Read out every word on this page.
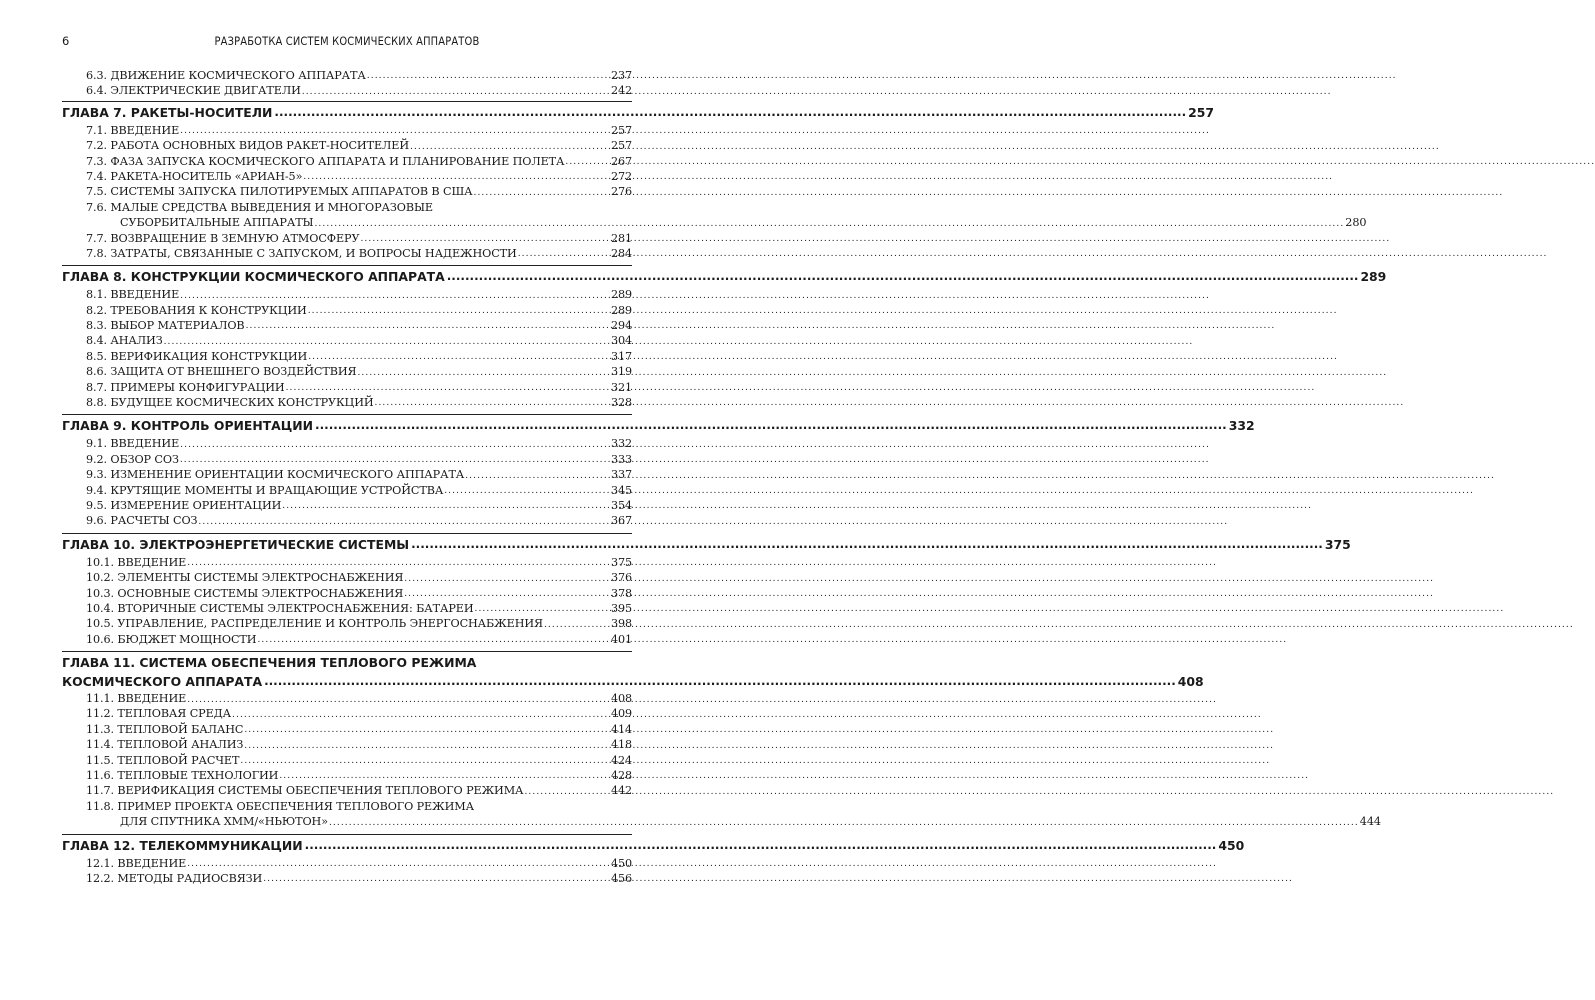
6	РАЗРАБОТКА СИСТЕМ КОСМИЧЕСКИХ АППАРАТОВ
6.3. ДВИЖЕНИЕ КОСМИЧЕСКОГО АППАРАТА .....	237
6.4. ЭЛЕКТРИЧЕСКИЕ ДВИГАТЕЛИ .....	242
ГЛАВА 7. РАКЕТЫ-НОСИТЕЛИ .....	257
7.1. ВВЕДЕНИЕ .....	257
7.2. РАБОТА ОСНОВНЫХ ВИДОВ РАКЕТ-НОСИТЕЛЕЙ .....	257
7.3. ФАЗА ЗАПУСКА КОСМИЧЕСКОГО АППАРАТА И ПЛАНИРОВАНИЕ ПОЛЕТА .....	267
7.4. РАКЕТА-НОСИТЕЛЬ «АРИАН-5» .....	272
7.5. СИСТЕМЫ ЗАПУСКА ПИЛОТИРУЕМЫХ АППАРАТОВ В США .....	276
7.6. МАЛЫЕ СРЕДСТВА ВЫВЕДЕНИЯ И МНОГОРАЗОВЫЕ
СУБОРБИТАЛЬНЫЕ АППАРАТЫ .....	280
7.7. ВОЗВРАЩЕНИЕ В ЗЕМНУЮ АТМОСФЕРУ .....	281
7.8. ЗАТРАТЫ, СВЯЗАННЫЕ С ЗАПУСКОМ, И ВОПРОСЫ НАДЕЖНОСТИ .....	284
ГЛАВА 8. КОНСТРУКЦИИ КОСМИЧЕСКОГО АППАРАТА .....	289
8.1. ВВЕДЕНИЕ .....	289
8.2. ТРЕБОВАНИЯ К КОНСТРУКЦИИ .....	289
8.3. ВЫБОР МАТЕРИАЛОВ .....	294
8.4. АНАЛИЗ .....	304
8.5. ВЕРИФИКАЦИЯ КОНСТРУКЦИИ .....	317
8.6. ЗАЩИТА ОТ ВНЕШНЕГО ВОЗДЕЙСТВИЯ .....	319
8.7. ПРИМЕРЫ КОНФИГУРАЦИИ .....	321
8.8. БУДУЩЕЕ КОСМИЧЕСКИХ КОНСТРУКЦИЙ .....	328
ГЛАВА 9. КОНТРОЛЬ ОРИЕНТАЦИИ .....	332
9.1. ВВЕДЕНИЕ .....	332
9.2. ОБЗОР СОЗ .....	333
9.3. ИЗМЕНЕНИЕ ОРИЕНТАЦИИ КОСМИЧЕСКОГО АППАРАТА .....	337
9.4. КРУТЯЩИЕ МОМЕНТЫ И ВРАЩАЮЩИЕ УСТРОЙСТВА .....	345
9.5. ИЗМЕРЕНИЕ ОРИЕНТАЦИИ .....	354
9.6. РАСЧЕТЫ СОЗ .....	367
ГЛАВА 10. ЭЛЕКТРОЭНЕРГЕТИЧЕСКИЕ СИСТЕМЫ .....	375
10.1. ВВЕДЕНИЕ .....	375
10.2. ЭЛЕМЕНТЫ СИСТЕМЫ ЭЛЕКТРОСНАБЖЕНИЯ .....	376
10.3. ОСНОВНЫЕ СИСТЕМЫ ЭЛЕКТРОСНАБЖЕНИЯ .....	378
10.4. ВТОРИЧНЫЕ СИСТЕМЫ ЭЛЕКТРОСНАБЖЕНИЯ: БАТАРЕИ .....	395
10.5. УПРАВЛЕНИЕ, РАСПРЕДЕЛЕНИЕ И КОНТРОЛЬ ЭНЕРГОСНАБЖЕНИЯ .....	398
10.6. БЮДЖЕТ МОЩНОСТИ .....	401
ГЛАВА 11. СИСТЕМА ОБЕСПЕЧЕНИЯ ТЕПЛОВОГО РЕЖИМА
КОСМИЧЕСКОГО АППАРАТА .....	408
11.1. ВВЕДЕНИЕ .....	408
11.2. ТЕПЛОВАЯ СРЕДА .....	409
11.3. ТЕПЛОВОЙ БАЛАНС .....	414
11.4. ТЕПЛОВОЙ АНАЛИЗ .....	418
11.5. ТЕПЛОВОЙ РАСЧЕТ .....	424
11.6. ТЕПЛОВЫЕ ТЕХНОЛОГИИ .....	428
11.7. ВЕРИФИКАЦИЯ СИСТЕМЫ ОБЕСПЕЧЕНИЯ ТЕПЛОВОГО РЕЖИМА .....	442
11.8. ПРИМЕР ПРОЕКТА ОБЕСПЕЧЕНИЯ ТЕПЛОВОГО РЕЖИМА
ДЛЯ СПУТНИКА XMM/«НЬЮТОН» .....	444
ГЛАВА 12. ТЕЛЕКОММУНИКАЦИИ .....	450
12.1. ВВЕДЕНИЕ .....	450
12.2. МЕТОДЫ РАДИОСВЯЗИ .....	456
